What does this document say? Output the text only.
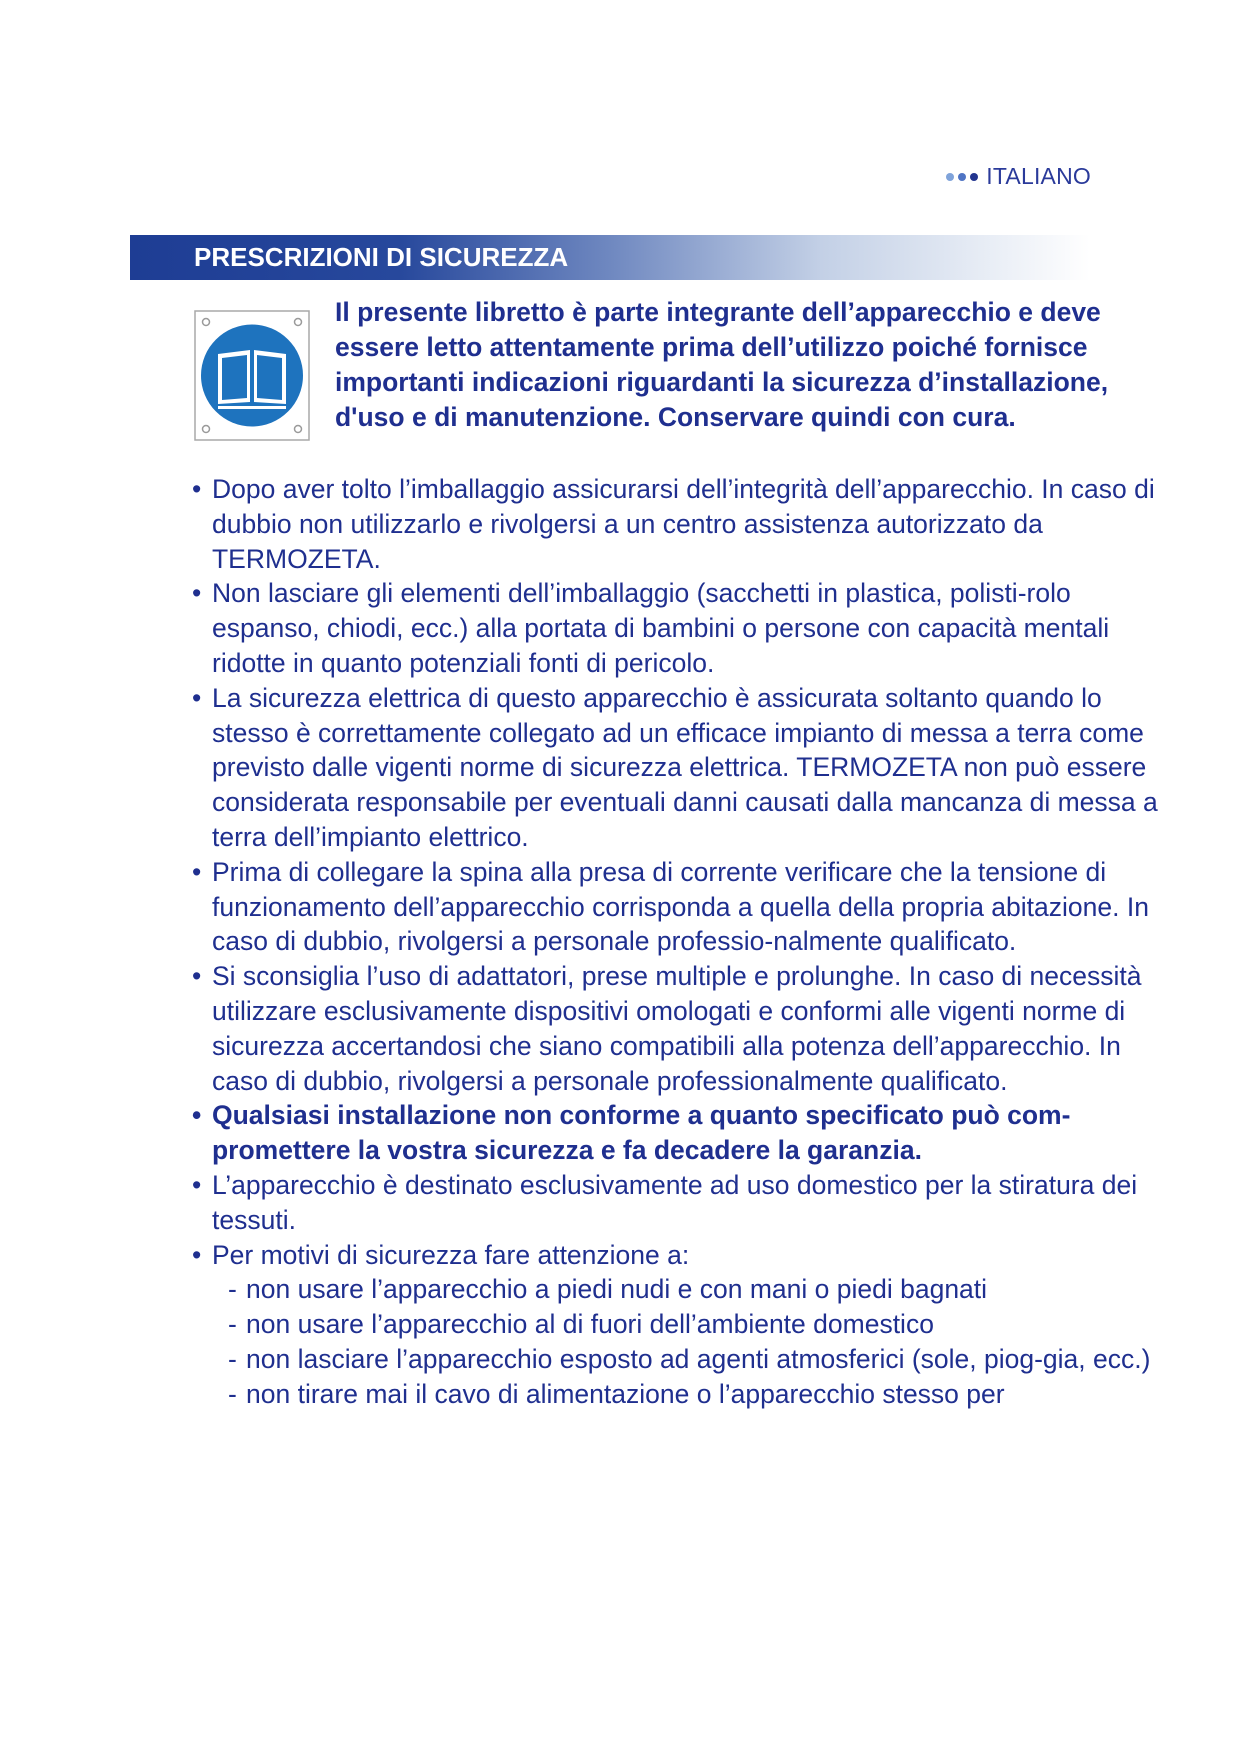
ITALIANO
PRESCRIZIONI DI SICUREZZA

Il presente libretto è parte integrante dell’apparecchio e deve essere letto attentamente prima dell’utilizzo poiché fornisce importanti indicazioni riguardanti la sicurezza d’installazione, d'uso e di manutenzione. Conservare quindi con cura.

• Dopo aver tolto l’imballaggio assicurarsi dell’integrità dell’apparecchio. In caso di dubbio non utilizzarlo e rivolgersi a un centro assistenza autorizzato da TERMOZETA.
• Non lasciare gli elementi dell’imballaggio (sacchetti in plastica, polisti-rolo espanso, chiodi, ecc.) alla portata di bambini o persone con capacità mentali ridotte in quanto potenziali fonti di pericolo.
• La sicurezza elettrica di questo apparecchio è assicurata soltanto quando lo stesso è correttamente collegato ad un efficace impianto di messa a terra come previsto dalle vigenti norme di sicurezza elettrica. TERMOZETA non può essere considerata responsabile per eventuali danni causati dalla mancanza di messa a terra dell’impianto elettrico.
• Prima di collegare la spina alla presa di corrente verificare che la tensione di funzionamento dell’apparecchio corrisponda a quella della propria abitazione. In caso di dubbio, rivolgersi a personale professio-nalmente qualificato.
• Si sconsiglia l’uso di adattatori, prese multiple e prolunghe. In caso di necessità utilizzare esclusivamente dispositivi omologati e conformi alle vigenti norme di sicurezza accertandosi che siano compatibili alla potenza dell’apparecchio. In caso di dubbio, rivolgersi a personale professionalmente qualificato.
• Qualsiasi installazione non conforme a quanto specificato può com-promettere la vostra sicurezza e fa decadere la garanzia.
• L’apparecchio è destinato esclusivamente ad uso domestico per la stiratura dei tessuti.
• Per motivi di sicurezza fare attenzione a:
- non usare l’apparecchio a piedi nudi e con mani o piedi bagnati
- non usare l’apparecchio al di fuori dell’ambiente domestico
- non lasciare l’apparecchio esposto ad agenti atmosferici (sole, piog-gia, ecc.)
- non tirare mai il cavo di alimentazione o l’apparecchio stesso per
